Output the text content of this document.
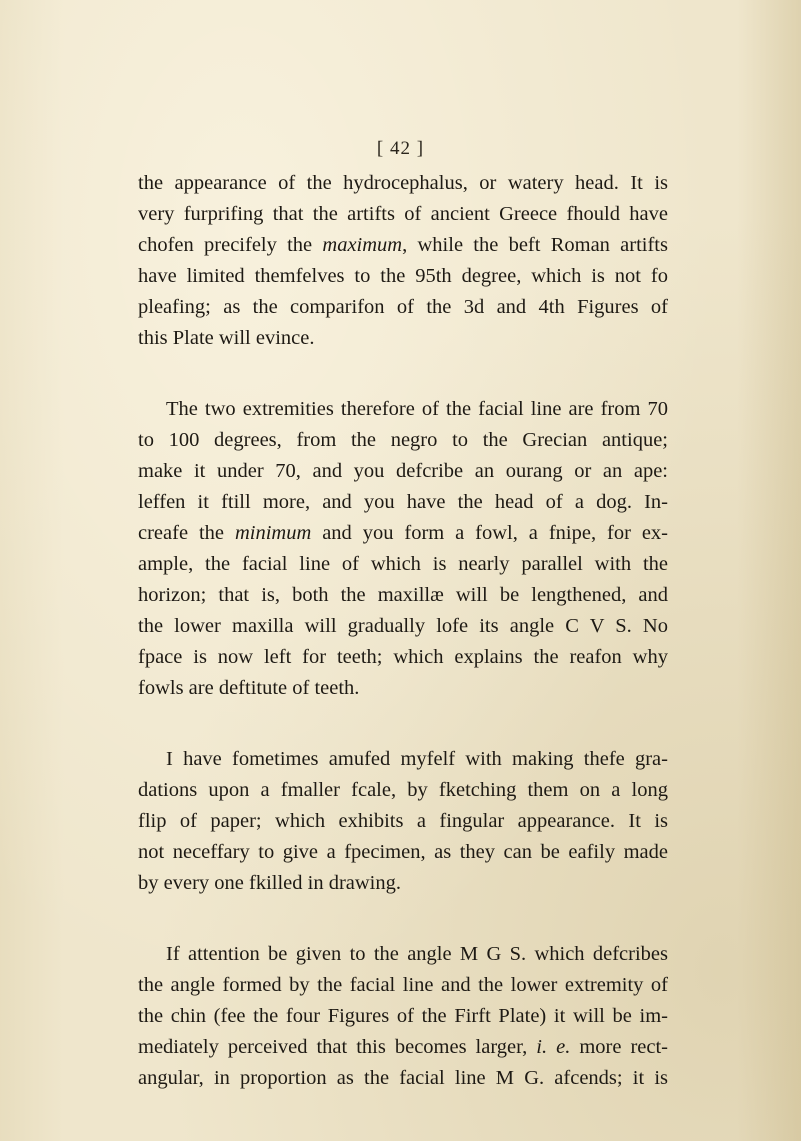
[ 42 ]
the appearance of the hydrocephalus, or watery head. It is
very furprifing that the artifts of ancient Greece fhould have
chofen precifely the maximum, while the beft Roman artifts
have limited themfelves to the 95th degree, which is not fo
pleafing; as the comparifon of the 3d and 4th Figures of
this Plate will evince.
The two extremities therefore of the facial line are from 70
to 100 degrees, from the negro to the Grecian antique;
make it under 70, and you defcribe an ourang or an ape:
leffen it ftill more, and you have the head of a dog. In-
creafe the minimum and you form a fowl, a fnipe, for ex-
ample, the facial line of which is nearly parallel with the
horizon; that is, both the maxillæ will be lengthened, and
the lower maxilla will gradually lofe its angle C V S. No
fpace is now left for teeth; which explains the reafon why
fowls are deftitute of teeth.
I have fometimes amufed myfelf with making thefe gra-
dations upon a fmaller fcale, by fketching them on a long
flip of paper; which exhibits a fingular appearance. It is
not neceffary to give a fpecimen, as they can be eafily made
by every one fkilled in drawing.
If attention be given to the angle M G S. which defcribes
the angle formed by the facial line and the lower extremity of
the chin (fee the four Figures of the Firft Plate) it will be im-
mediately perceived that this becomes larger, i. e. more rect-
angular, in proportion as the facial line M G. afcends; it is
